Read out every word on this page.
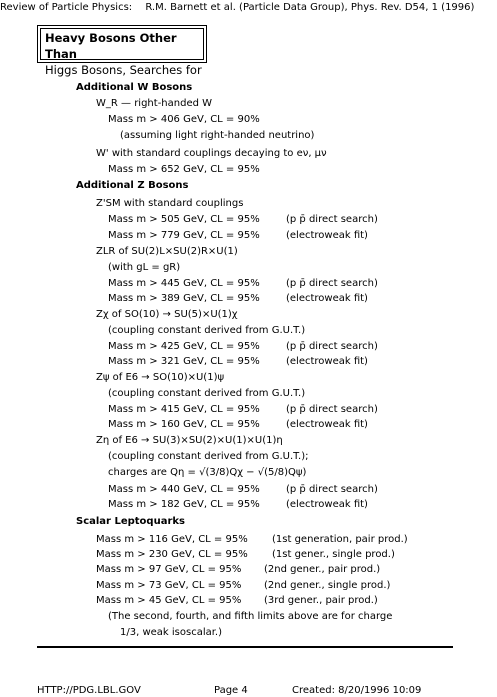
Review of Particle Physics: R.M. Barnett et al. (Particle Data Group), Phys. Rev. D54, 1 (1996)
Heavy Bosons Other Than
Higgs Bosons, Searches for
Additional W Bosons
W_R — right-handed W
Mass m > 406 GeV, CL = 90%
(assuming light right-handed neutrino)
W' with standard couplings decaying to eν, μν
Mass m > 652 GeV, CL = 95%
Additional Z Bosons
Z'SM with standard couplings
Mass m > 505 GeV, CL = 95%	(p p̄ direct search)
Mass m > 779 GeV, CL = 95%	(electroweak fit)
ZLR of SU(2)L×SU(2)R×U(1)
(with gL = gR)
Mass m > 445 GeV, CL = 95%	(p p̄ direct search)
Mass m > 389 GeV, CL = 95%	(electroweak fit)
Zχ of SO(10) → SU(5)×U(1)χ
(coupling constant derived from G.U.T.)
Mass m > 425 GeV, CL = 95%	(p p̄ direct search)
Mass m > 321 GeV, CL = 95%	(electroweak fit)
Zψ of E6 → SO(10)×U(1)ψ
(coupling constant derived from G.U.T.)
Mass m > 415 GeV, CL = 95%	(p p̄ direct search)
Mass m > 160 GeV, CL = 95%	(electroweak fit)
Zη of E6 → SU(3)×SU(2)×U(1)×U(1)η
(coupling constant derived from G.U.T.);
charges are Qη = √(3/8)Qχ − √(5/8)Qψ)
Mass m > 440 GeV, CL = 95%	(p p̄ direct search)
Mass m > 182 GeV, CL = 95%	(electroweak fit)
Scalar Leptoquarks
Mass m > 116 GeV, CL = 95% (1st generation, pair prod.)
Mass m > 230 GeV, CL = 95% (1st gener., single prod.)
Mass m > 97 GeV, CL = 95% (2nd gener., pair prod.)
Mass m > 73 GeV, CL = 95% (2nd gener., single prod.)
Mass m > 45 GeV, CL = 95% (3rd gener., pair prod.)
(The second, fourth, and fifth limits above are for charge
1/3, weak isoscalar.)
HTTP://PDG.LBL.GOV	Page 4	Created: 8/20/1996 10:09
